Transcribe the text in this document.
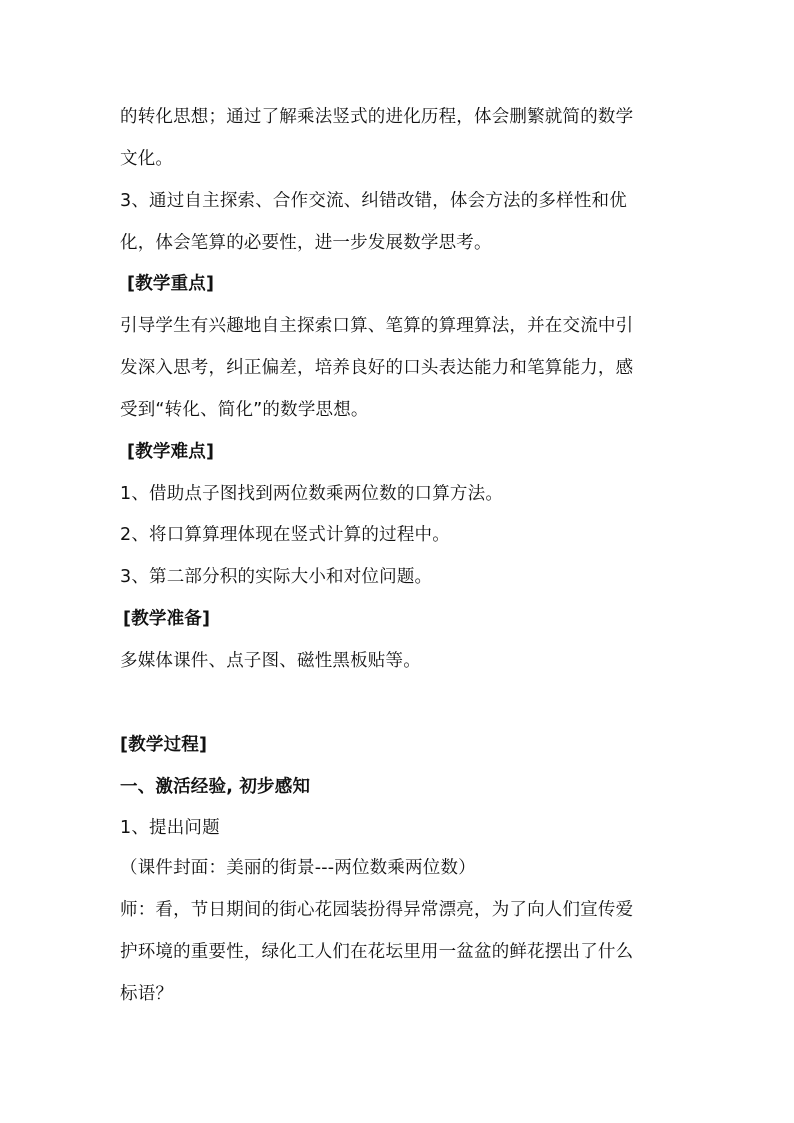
的转化思想；通过了解乘法竖式的进化历程，体会删繁就简的数学
文化。
3、通过自主探索、合作交流、纠错改错，体会方法的多样性和优
化，体会笔算的必要性，进一步发展数学思考。
[教学重点]
引导学生有兴趣地自主探索口算、笔算的算理算法，并在交流中引
发深入思考，纠正偏差，培养良好的口头表达能力和笔算能力，感
受到“转化、简化”的数学思想。
[教学难点]
1、借助点子图找到两位数乘两位数的口算方法。
2、将口算算理体现在竖式计算的过程中。
3、第二部分积的实际大小和对位问题。
[教学准备]
多媒体课件、点子图、磁性黑板贴等。
[教学过程]
一、激活经验, 初步感知
1、提出问题
（课件封面：美丽的街景---两位数乘两位数）
师：看，节日期间的街心花园装扮得异常漂亮，为了向人们宣传爱
护环境的重要性，绿化工人们在花坛里用一盆盆的鲜花摆出了什么
标语？
